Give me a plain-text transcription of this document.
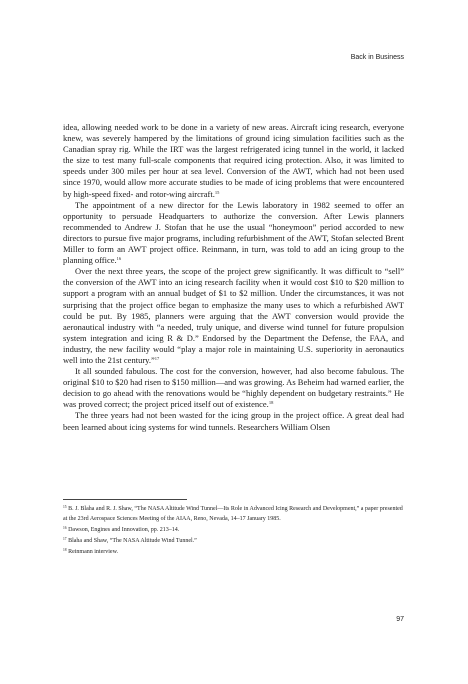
Back in Business

idea, allowing needed work to be done in a variety of new areas. Aircraft icing research, everyone knew, was severely hampered by the limitations of ground icing simulation facilities such as the Canadian spray rig. While the IRT was the largest refrigerated icing tunnel in the world, it lacked the size to test many full-scale components that required icing protection. Also, it was limited to speeds under 300 miles per hour at sea level. Conversion of the AWT, which had not been used since 1970, would allow more accurate studies to be made of icing problems that were encountered by high-speed fixed- and rotor-wing aircraft.$^{15}$

The appointment of a new director for the Lewis laboratory in 1982 seemed to offer an opportunity to persuade Headquarters to authorize the conversion. After Lewis planners recommended to Andrew J. Stofan that he use the usual “honeymoon” period accorded to new directors to pursue five major programs, including refurbishment of the AWT, Stofan selected Brent Miller to form an AWT project office. Reinmann, in turn, was told to add an icing group to the planning office.$^{16}$

Over the next three years, the scope of the project grew significantly. It was difficult to “sell” the conversion of the AWT into an icing research facility when it would cost $10 to $20 million to support a program with an annual budget of $1 to $2 million. Under the circumstances, it was not surprising that the project office began to emphasize the many uses to which a refurbished AWT could be put. By 1985, planners were arguing that the AWT conversion would provide the aeronautical industry with “a needed, truly unique, and diverse wind tunnel for future propulsion system integration and icing R & D.” Endorsed by the Department the Defense, the FAA, and industry, the new facility would “play a major role in maintaining U.S. superiority in aeronautics well into the 21st century.”$^{17}$

It all sounded fabulous. The cost for the conversion, however, had also become fabulous. The original $10 to $20 had risen to $150 million—and was growing. As Beheim had warned earlier, the decision to go ahead with the renovations would be “highly dependent on budgetary restraints.” He was proved correct; the project priced itself out of existence.$^{18}$

The three years had not been wasted for the icing group in the project office. A great deal had been learned about icing systems for wind tunnels. Researchers William Olsen

$^{15}$ B. J. Blaha and R. J. Shaw, “The NASA Altitude Wind Tunnel—Its Role in Advanced Icing Research and Development,” a paper presented at the 23rd Aerospace Sciences Meeting of the AIAA, Reno, Nevada, 14–17 January 1985.

$^{16}$ Dawson, Engines and Innovation, pp. 213–14.

$^{17}$ Blaha and Shaw, “The NASA Altitude Wind Tunnel.”

$^{18}$ Reinmann interview.

97
